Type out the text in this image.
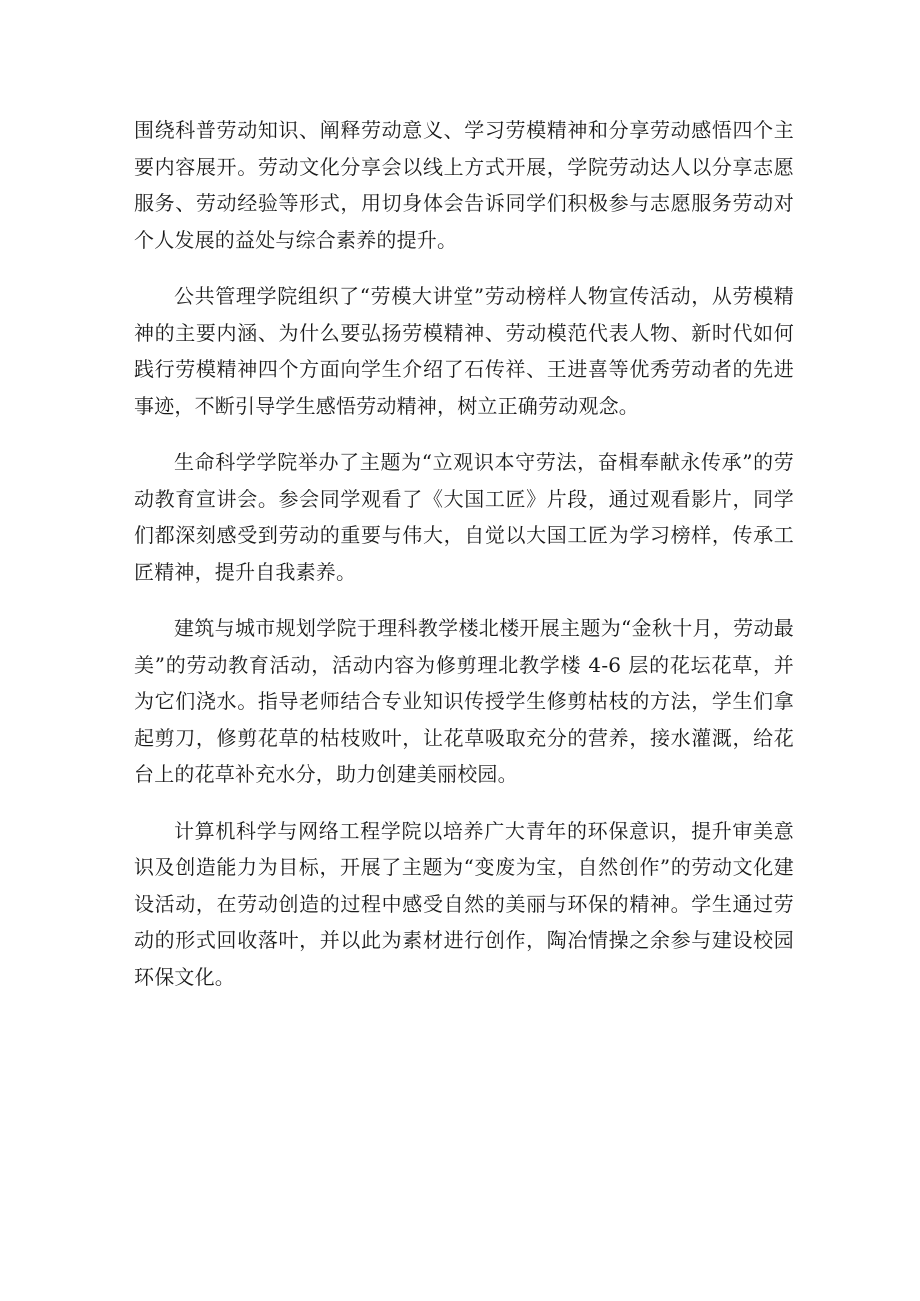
围绕科普劳动知识、阐释劳动意义、学习劳模精神和分享劳动感悟四个主要内容展开。劳动文化分享会以线上方式开展，学院劳动达人以分享志愿服务、劳动经验等形式，用切身体会告诉同学们积极参与志愿服务劳动对个人发展的益处与综合素养的提升。

公共管理学院组织了“劳模大讲堂”劳动榜样人物宣传活动，从劳模精神的主要内涵、为什么要弘扬劳模精神、劳动模范代表人物、新时代如何践行劳模精神四个方面向学生介绍了石传祥、王进喜等优秀劳动者的先进事迹，不断引导学生感悟劳动精神，树立正确劳动观念。

生命科学学院举办了主题为“立观识本守劳法，奋楫奉献永传承”的劳动教育宣讲会。参会同学观看了《大国工匠》片段，通过观看影片，同学们都深刻感受到劳动的重要与伟大，自觉以大国工匠为学习榜样，传承工匠精神，提升自我素养。

建筑与城市规划学院于理科教学楼北楼开展主题为“金秋十月，劳动最美”的劳动教育活动，活动内容为修剪理北教学楼 4-6 层的花坛花草，并为它们浇水。指导老师结合专业知识传授学生修剪枯枝的方法，学生们拿起剪刀，修剪花草的枯枝败叶，让花草吸取充分的营养，接水灌溉，给花台上的花草补充水分，助力创建美丽校园。

计算机科学与网络工程学院以培养广大青年的环保意识，提升审美意识及创造能力为目标，开展了主题为“变废为宝，自然创作”的劳动文化建设活动，在劳动创造的过程中感受自然的美丽与环保的精神。学生通过劳动的形式回收落叶，并以此为素材进行创作，陶冶情操之余参与建设校园环保文化。
